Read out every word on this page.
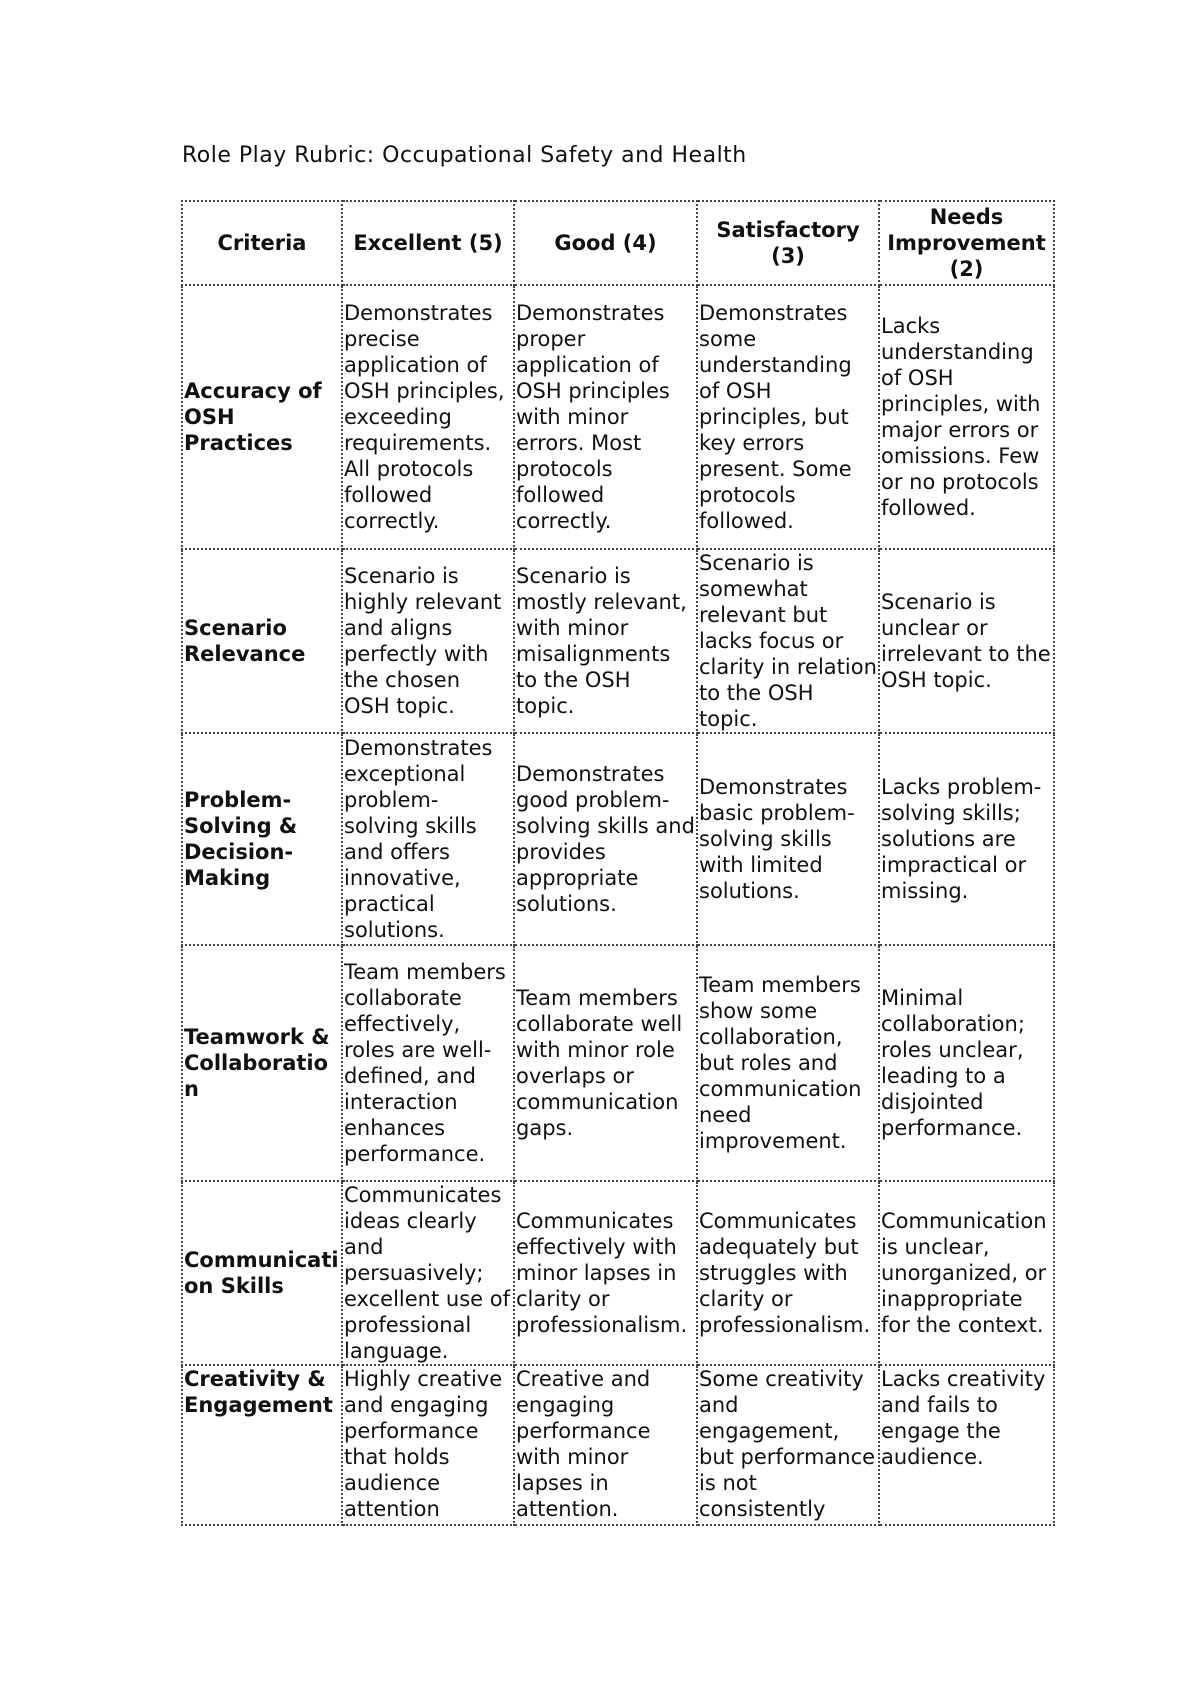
Role Play Rubric: Occupational Safety and Health
Criteria	Excellent (5)	Good (4)	Satisfactory (3)	Needs Improvement (2)
Accuracy of OSH Practices	Demonstrates precise application of OSH principles, exceeding requirements. All protocols followed correctly.	Demonstrates proper application of OSH principles with minor errors. Most protocols followed correctly.	Demonstrates some understanding of OSH principles, but key errors present. Some protocols followed.	Lacks understanding of OSH principles, with major errors or omissions. Few or no protocols followed.
Scenario Relevance	Scenario is highly relevant and aligns perfectly with the chosen OSH topic.	Scenario is mostly relevant, with minor misalignments to the OSH topic.	Scenario is somewhat relevant but lacks focus or clarity in relation to the OSH topic.	Scenario is unclear or irrelevant to the OSH topic.
Problem-Solving & Decision-Making	Demonstrates exceptional problem-solving skills and offers innovative, practical solutions.	Demonstrates good problem-solving skills and provides appropriate solutions.	Demonstrates basic problem-solving skills with limited solutions.	Lacks problem-solving skills; solutions are impractical or missing.
Teamwork & Collaboration	Team members collaborate effectively, roles are well-defined, and interaction enhances performance.	Team members collaborate well with minor role overlaps or communication gaps.	Team members show some collaboration, but roles and communication need improvement.	Minimal collaboration; roles unclear, leading to a disjointed performance.
Communication Skills	Communicates ideas clearly and persuasively; excellent use of professional language.	Communicates effectively with minor lapses in clarity or professionalism.	Communicates adequately but struggles with clarity or professionalism.	Communication is unclear, unorganized, or inappropriate for the context.
Creativity & Engagement	Highly creative and engaging performance that holds audience attention	Creative and engaging performance with minor lapses in attention.	Some creativity and engagement, but performance is not consistently	Lacks creativity and fails to engage the audience.
